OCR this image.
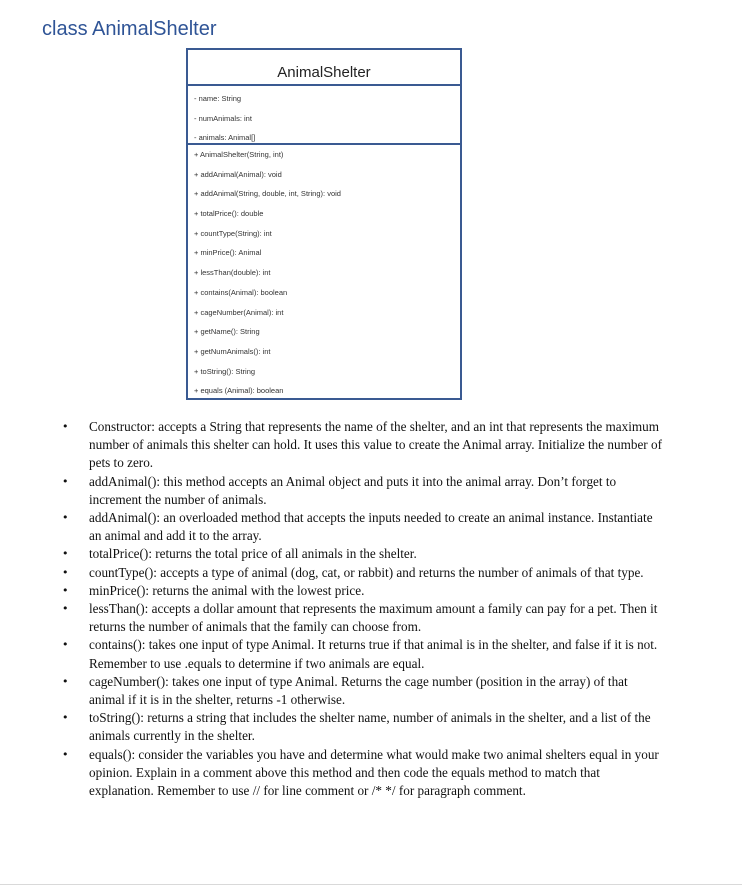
class AnimalShelter
AnimalShelter
- name: String
- numAnimals: int
- animals: Animal[]
+ AnimalShelter(String, int)
+ addAnimal(Animal): void
+ addAnimal(String, double, int, String): void
+ totalPrice(): double
+ countType(String): int
+ minPrice(): Animal
+ lessThan(double): int
+ contains(Animal): boolean
+ cageNumber(Animal): int
+ getName(): String
+ getNumAnimals(): int
+ toString(): String
+ equals (Animal): boolean
• Constructor: accepts a String that represents the name of the shelter, and an int that represents the maximum number of animals this shelter can hold. It uses this value to create the Animal array. Initialize the number of pets to zero.
• addAnimal(): this method accepts an Animal object and puts it into the animal array. Don’t forget to increment the number of animals.
• addAnimal(): an overloaded method that accepts the inputs needed to create an animal instance. Instantiate an animal and add it to the array.
• totalPrice(): returns the total price of all animals in the shelter.
• countType(): accepts a type of animal (dog, cat, or rabbit) and returns the number of animals of that type.
• minPrice(): returns the animal with the lowest price.
• lessThan(): accepts a dollar amount that represents the maximum amount a family can pay for a pet. Then it returns the number of animals that the family can choose from.
• contains(): takes one input of type Animal. It returns true if that animal is in the shelter, and false if it is not. Remember to use .equals to determine if two animals are equal.
• cageNumber(): takes one input of type Animal. Returns the cage number (position in the array) of that animal if it is in the shelter, returns -1 otherwise.
• toString(): returns a string that includes the shelter name, number of animals in the shelter, and a list of the animals currently in the shelter.
• equals(): consider the variables you have and determine what would make two animal shelters equal in your opinion. Explain in a comment above this method and then code the equals method to match that explanation. Remember to use // for line comment or /* */ for paragraph comment.
